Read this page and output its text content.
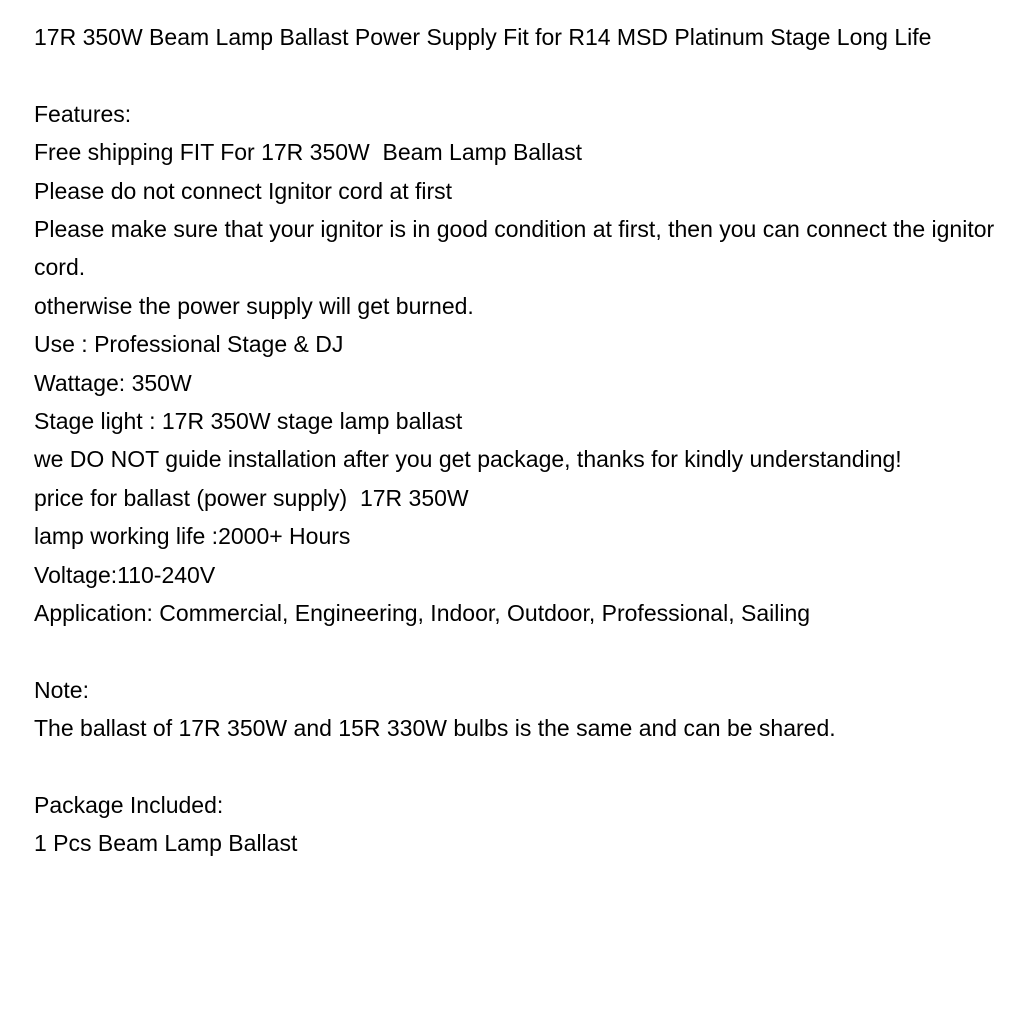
17R 350W Beam Lamp Ballast Power Supply Fit for R14 MSD Platinum Stage Long Life
Features:
Free shipping FIT For 17R 350W  Beam Lamp Ballast
Please do not connect Ignitor cord at first
Please make sure that your ignitor is in good condition at first, then you can connect the ignitor
cord.
otherwise the power supply will get burned.
Use : Professional Stage & DJ
Wattage: 350W
Stage light : 17R 350W stage lamp ballast
we DO NOT guide installation after you get package, thanks for kindly understanding!
price for ballast (power supply)  17R 350W
lamp working life :2000+ Hours
Voltage:110-240V
Application: Commercial, Engineering, Indoor, Outdoor, Professional, Sailing
Note:
The ballast of 17R 350W and 15R 330W bulbs is the same and can be shared.
Package Included:
1 Pcs Beam Lamp Ballast
